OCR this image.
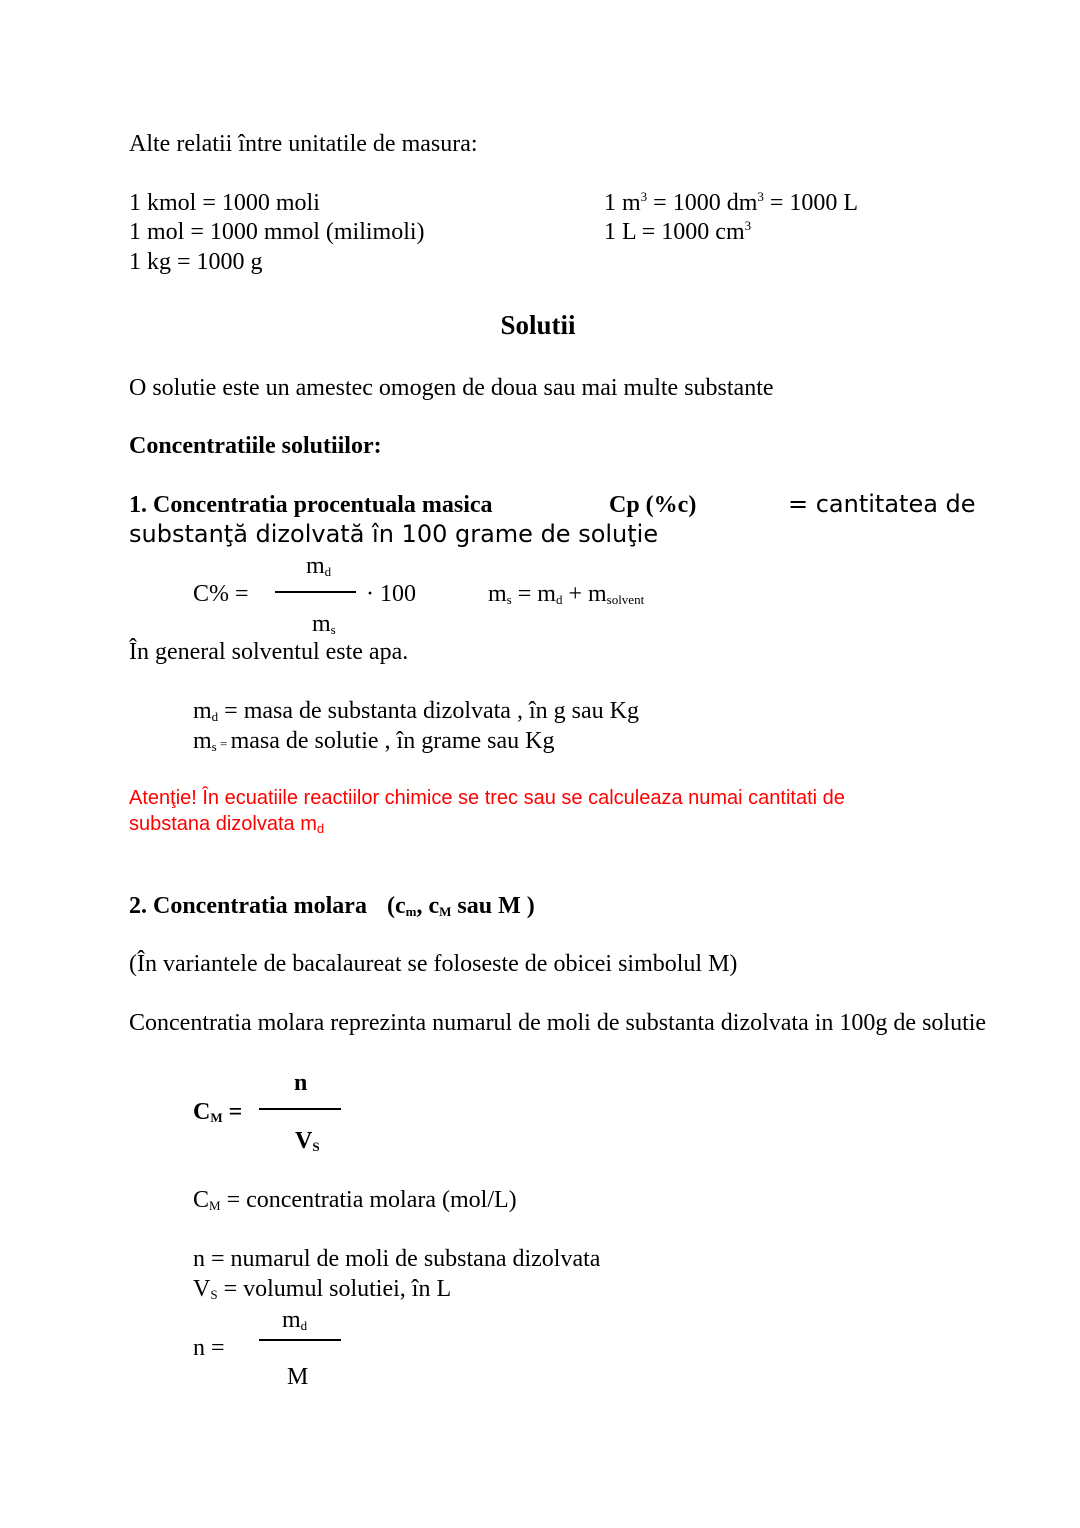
Alte relatii între unitatile de masura:
1 kmol = 1000 moli
1 mol = 1000 mmol (milimoli)
1 kg = 1000 g
1 $m^3 = 1000$ $dm^3 = 1000$ L
1 L = 1000 $cm^3$
Solutii
O solutie este un amestec omogen de doua sau mai multe substante
Concentratiile solutiilor:
1. Concentratia procentuala masica	Cp (%c)	= cantitatea de
substanţă dizolvată în 100 grame de soluţie
C% =
$m_d$
· 100
$m_s$
$m_s = m_d + m_{solvent}$
În general solventul este apa.
$m_d$ = masa de substanta dizolvata , în g sau Kg
$m_s$ = masa de solutie , în grame sau Kg
Atenţie! În ecuatiile reactiilor chimice se trec sau se calculeaza numai cantitati de
substana dizolvata $m_d$
2. Concentratia molara ($c_m$, $c_M$ sau M )
(În variantele de bacalaureat se foloseste de obicei simbolul M)
Concentratia molara reprezinta numarul de moli de substanta dizolvata in 100g de solutie
$C_M$ =
n
$V_S$
$C_M$ = concentratia molara (mol/L)
n = numarul de moli de substana dizolvata
$V_S$ = volumul solutiei, în L
n =
$m_d$
M
